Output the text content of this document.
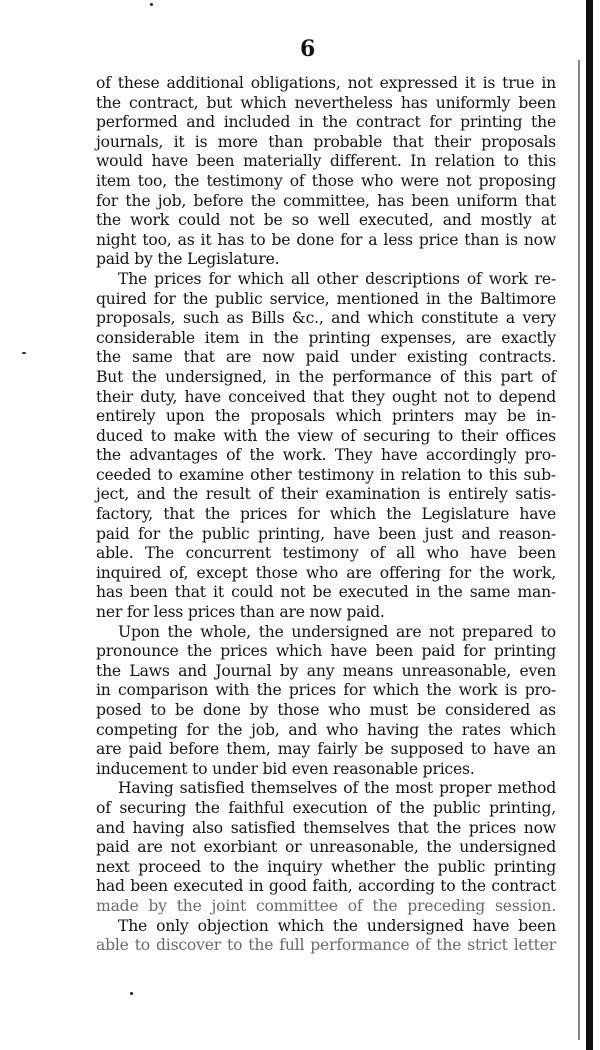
6
of these additional obligations, not expressed it is true in
the contract, but which nevertheless has uniformly been
performed and included in the contract for printing the
journals, it is more than probable that their proposals
would have been materially different. In relation to this
item too, the testimony of those who were not proposing
for the job, before the committee, has been uniform that
the work could not be so well executed, and mostly at
night too, as it has to be done for a less price than is now
paid by the Legislature.
The prices for which all other descriptions of work re-
quired for the public service, mentioned in the Baltimore
proposals, such as Bills &c., and which constitute a very
considerable item in the printing expenses, are exactly
the same that are now paid under existing contracts.
But the undersigned, in the performance of this part of
their duty, have conceived that they ought not to depend
entirely upon the proposals which printers may be in-
duced to make with the view of securing to their offices
the advantages of the work. They have accordingly pro-
ceeded to examine other testimony in relation to this sub-
ject, and the result of their examination is entirely satis-
factory, that the prices for which the Legislature have
paid for the public printing, have been just and reason-
able. The concurrent testimony of all who have been
inquired of, except those who are offering for the work,
has been that it could not be executed in the same man-
ner for less prices than are now paid.
Upon the whole, the undersigned are not prepared to
pronounce the prices which have been paid for printing
the Laws and Journal by any means unreasonable, even
in comparison with the prices for which the work is pro-
posed to be done by those who must be considered as
competing for the job, and who having the rates which
are paid before them, may fairly be supposed to have an
inducement to under bid even reasonable prices.
Having satisfied themselves of the most proper method
of securing the faithful execution of the public printing,
and having also satisfied themselves that the prices now
paid are not exorbiant or unreasonable, the undersigned
next proceed to the inquiry whether the public printing
had been executed in good faith, according to the contract
made by the joint committee of the preceding session.
The only objection which the undersigned have been
able to discover to the full performance of the strict letter
